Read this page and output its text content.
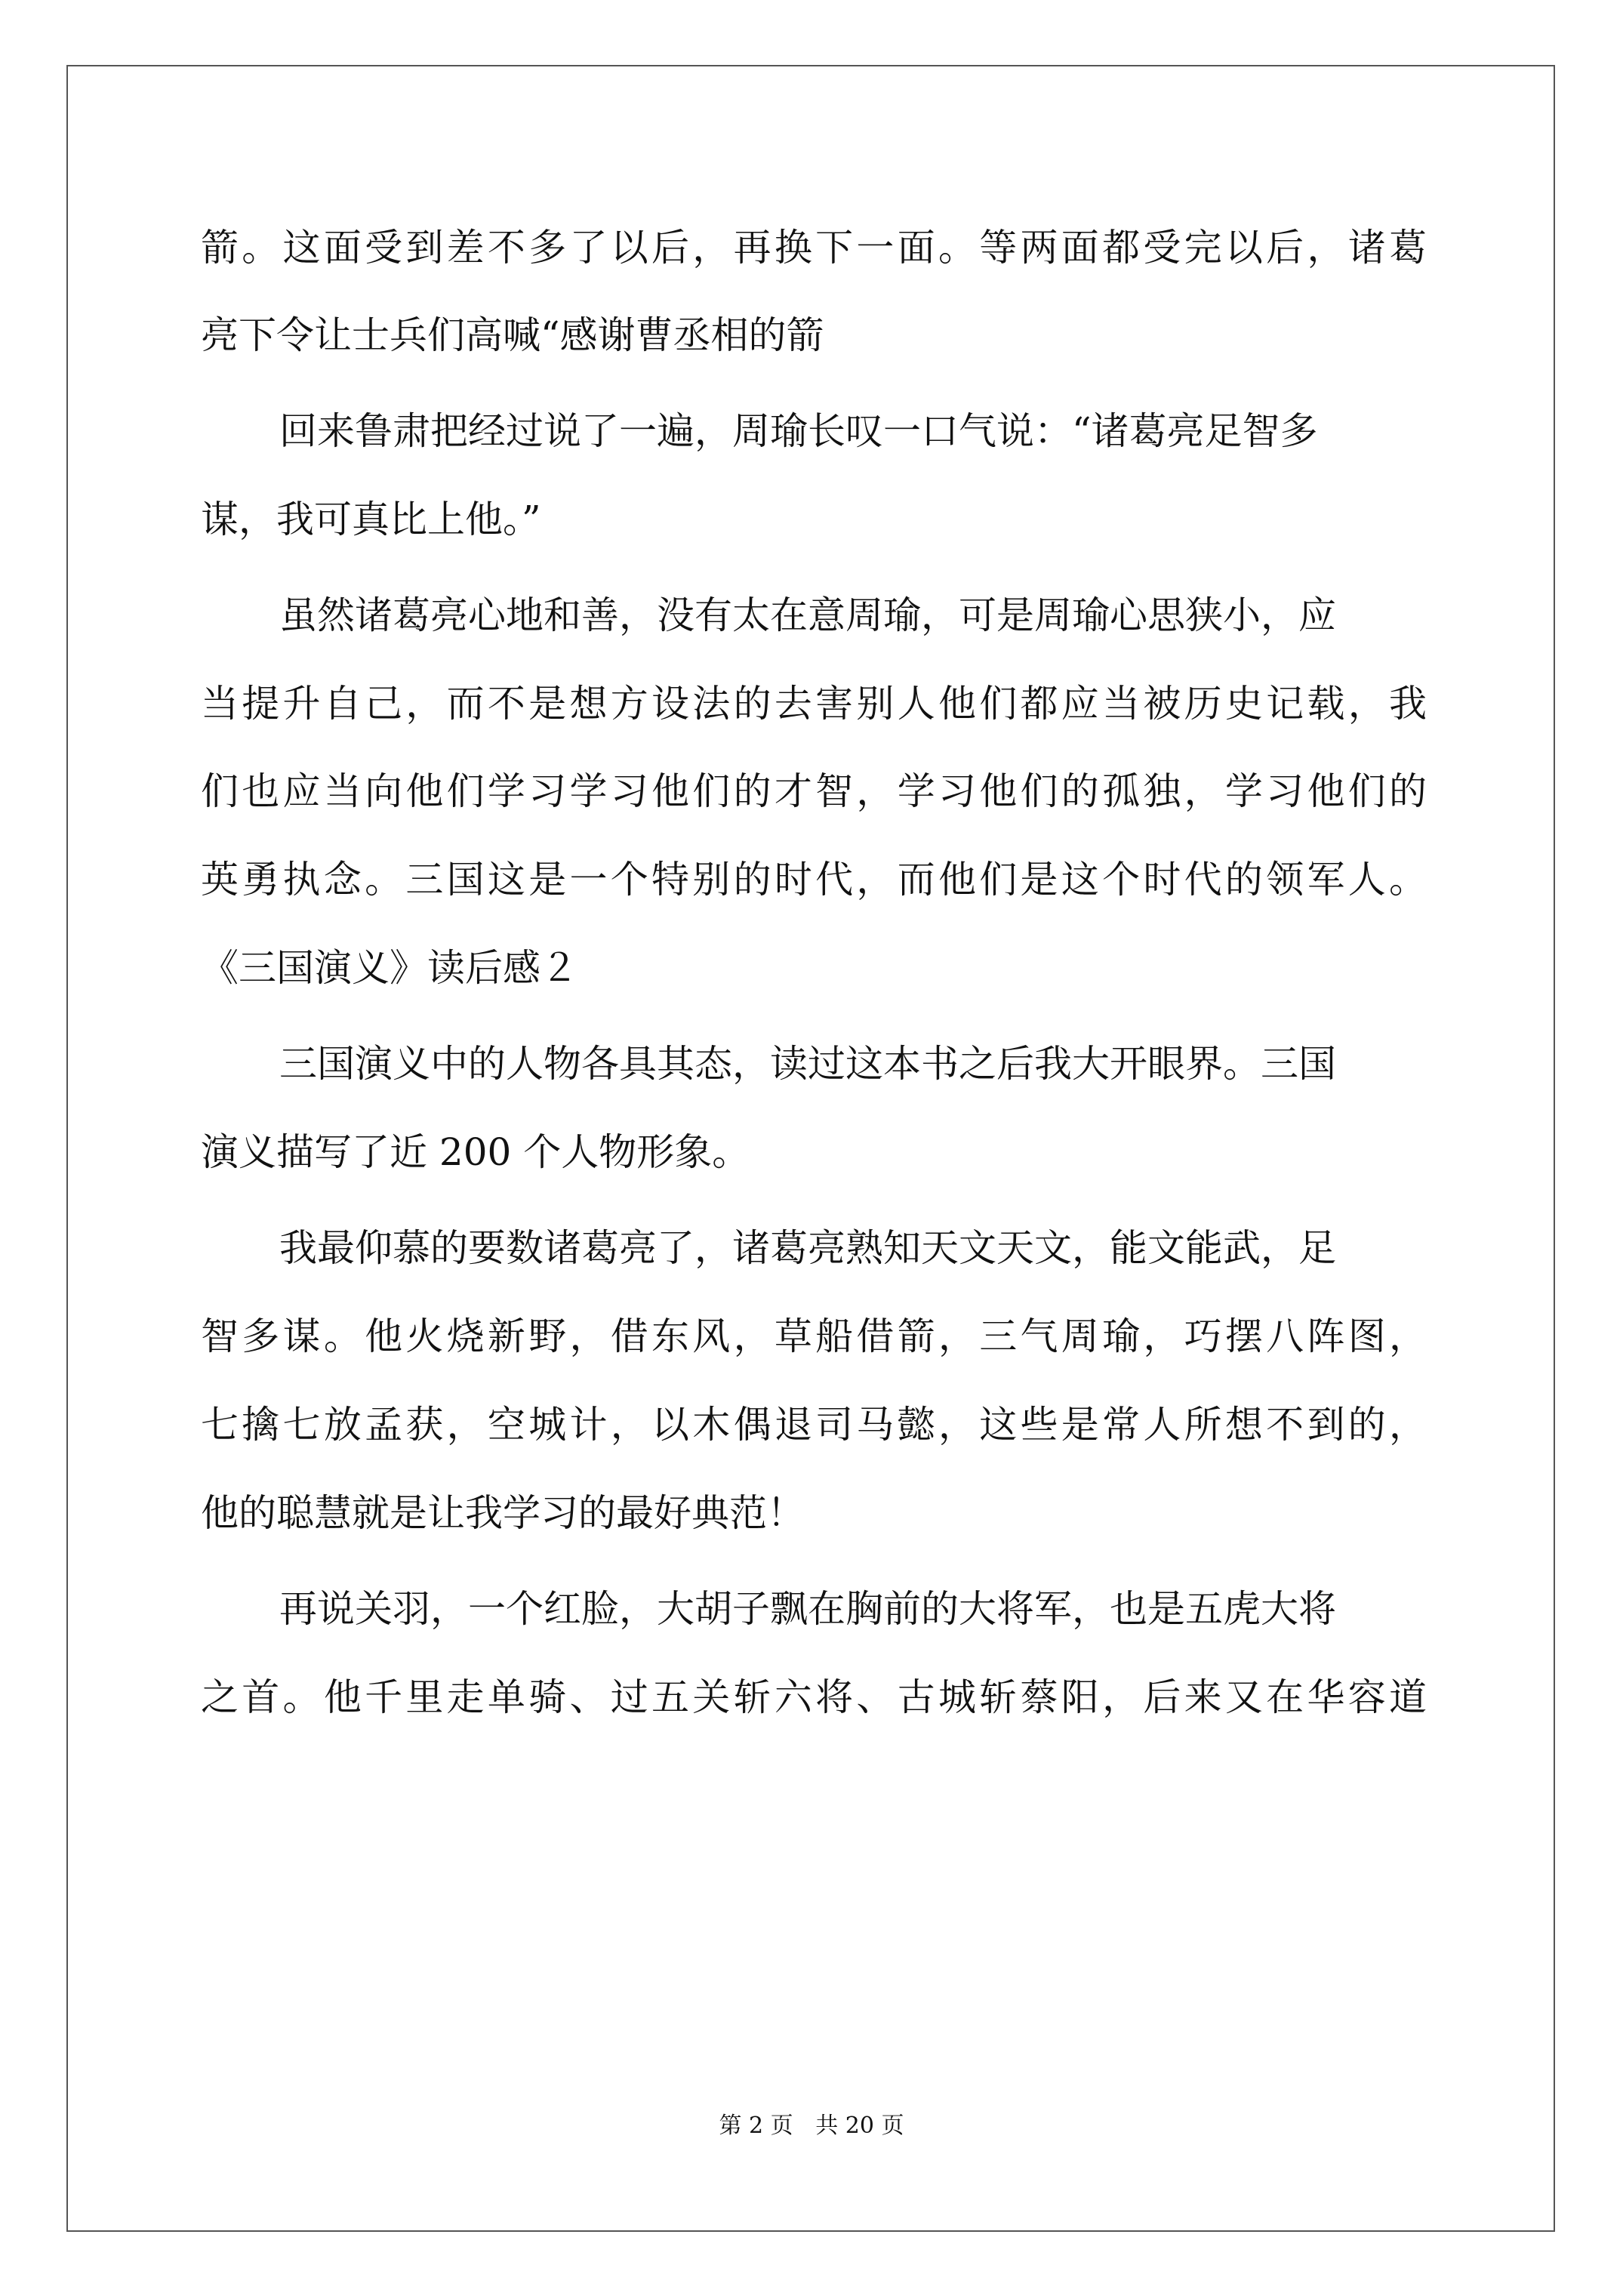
箭。这面受到差不多了以后，再换下一面。等两面都受完以后，诸葛
亮下令让士兵们高喊“感谢曹丞相的箭
回来鲁肃把经过说了一遍，周瑜长叹一口气说：“诸葛亮足智多
谋，我可真比上他。”
虽然诸葛亮心地和善，没有太在意周瑜，可是周瑜心思狭小，应
当提升自己，而不是想方设法的去害别人他们都应当被历史记载，我
们也应当向他们学习学习他们的才智，学习他们的孤独，学习他们的
英勇执念。三国这是一个特别的时代，而他们是这个时代的领军人。
《三国演义》读后感２
三国演义中的人物各具其态，读过这本书之后我大开眼界。三国
演义描写了近 200 个人物形象。
我最仰慕的要数诸葛亮了，诸葛亮熟知天文天文，能文能武，足
智多谋。他火烧新野，借东风，草船借箭，三气周瑜，巧摆八阵图，
七擒七放孟获，空城计，以木偶退司马懿，这些是常人所想不到的，
他的聪慧就是让我学习的最好典范！
再说关羽，一个红脸，大胡子飘在胸前的大将军，也是五虎大将
之首。他千里走单骑、过五关斩六将、古城斩蔡阳，后来又在华容道
第 2 页 共 20 页
